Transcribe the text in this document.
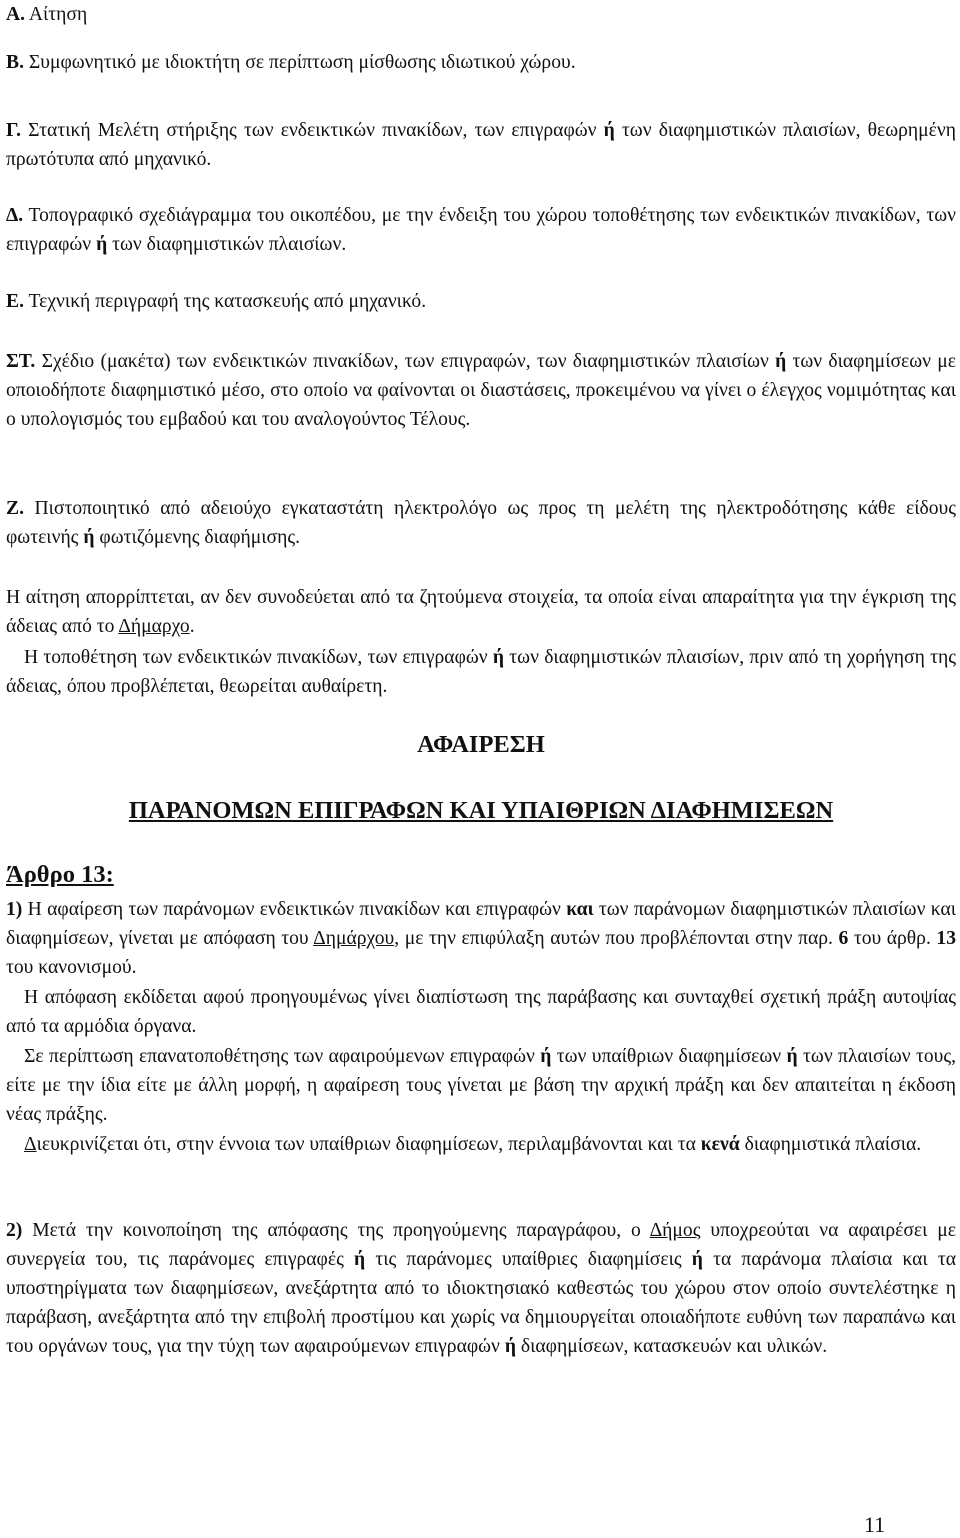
Α. Αίτηση

Β. Συμφωνητικό με ιδιοκτήτη σε περίπτωση μίσθωσης ιδιωτικού χώρου.

Γ. Στατική Μελέτη στήριξης των ενδεικτικών πινακίδων, των επιγραφών ή των διαφημιστικών πλαισίων, θεωρημένη πρωτότυπα από μηχανικό.

Δ. Τοπογραφικό σχεδιάγραμμα του οικοπέδου, με την ένδειξη του χώρου τοποθέτησης των ενδεικτικών πινακίδων, των επιγραφών ή των διαφημιστικών πλαισίων.

Ε. Τεχνική περιγραφή της κατασκευής από μηχανικό.

ΣΤ. Σχέδιο (μακέτα) των ενδεικτικών πινακίδων, των επιγραφών, των διαφημιστικών πλαισίων ή των διαφημίσεων με οποιοδήποτε διαφημιστικό μέσο, στο οποίο να φαίνονται οι διαστάσεις, προκειμένου να γίνει ο έλεγχος νομιμότητας και ο υπολογισμός του εμβαδού και του αναλογούντος Τέλους.

Ζ. Πιστοποιητικό από αδειούχο εγκαταστάτη ηλεκτρολόγο ως προς τη μελέτη της ηλεκτροδότησης κάθε είδους φωτεινής ή φωτιζόμενης διαφήμισης.

Η αίτηση απορρίπτεται, αν δεν συνοδεύεται από τα ζητούμενα στοιχεία, τα οποία είναι απαραίτητα για την έγκριση της άδειας από το Δήμαρχο.

Η τοποθέτηση των ενδεικτικών πινακίδων, των επιγραφών ή των διαφημιστικών πλαισίων, πριν από τη χορήγηση της άδειας, όπου προβλέπεται, θεωρείται αυθαίρετη.

ΑΦΑΙΡΕΣΗ
ΠΑΡΑΝΟΜΩΝ ΕΠΙΓΡΑΦΩΝ ΚΑΙ ΥΠΑΙΘΡΙΩΝ ΔΙΑΦΗΜΙΣΕΩΝ
Άρθρο 13:

1) Η αφαίρεση των παράνομων ενδεικτικών πινακίδων και επιγραφών και των παράνομων διαφημιστικών πλαισίων και διαφημίσεων, γίνεται με απόφαση του Δημάρχου, με την επιφύλαξη αυτών που προβλέπονται στην παρ. 6 του άρθρ. 13 του κανονισμού.

Η απόφαση εκδίδεται αφού προηγουμένως γίνει διαπίστωση της παράβασης και συνταχθεί σχετική πράξη αυτοψίας από τα αρμόδια όργανα.

Σε περίπτωση επανατοποθέτησης των αφαιρούμενων επιγραφών ή των υπαίθριων διαφημίσεων ή των πλαισίων τους, είτε με την ίδια είτε με άλλη μορφή, η αφαίρεση τους γίνεται με βάση την αρχική πράξη και δεν απαιτείται η έκδοση νέας πράξης.

Διευκρινίζεται ότι, στην έννοια των υπαίθριων διαφημίσεων, περιλαμβάνονται και τα κενά διαφημιστικά πλαίσια.

2) Μετά την κοινοποίηση της απόφασης της προηγούμενης παραγράφου, ο Δήμος υποχρεούται να αφαιρέσει με συνεργεία του, τις παράνομες επιγραφές ή τις παράνομες υπαίθριες διαφημίσεις ή τα παράνομα πλαίσια και τα υποστηρίγματα των διαφημίσεων, ανεξάρτητα από το ιδιοκτησιακό καθεστώς του χώρου στον οποίο συντελέστηκε η παράβαση, ανεξάρτητα από την επιβολή προστίμου και χωρίς να δημιουργείται οποιαδήποτε ευθύνη των παραπάνω και του οργάνων τους, για την τύχη των αφαιρούμενων επιγραφών ή διαφημίσεων, κατασκευών και υλικών.

11
